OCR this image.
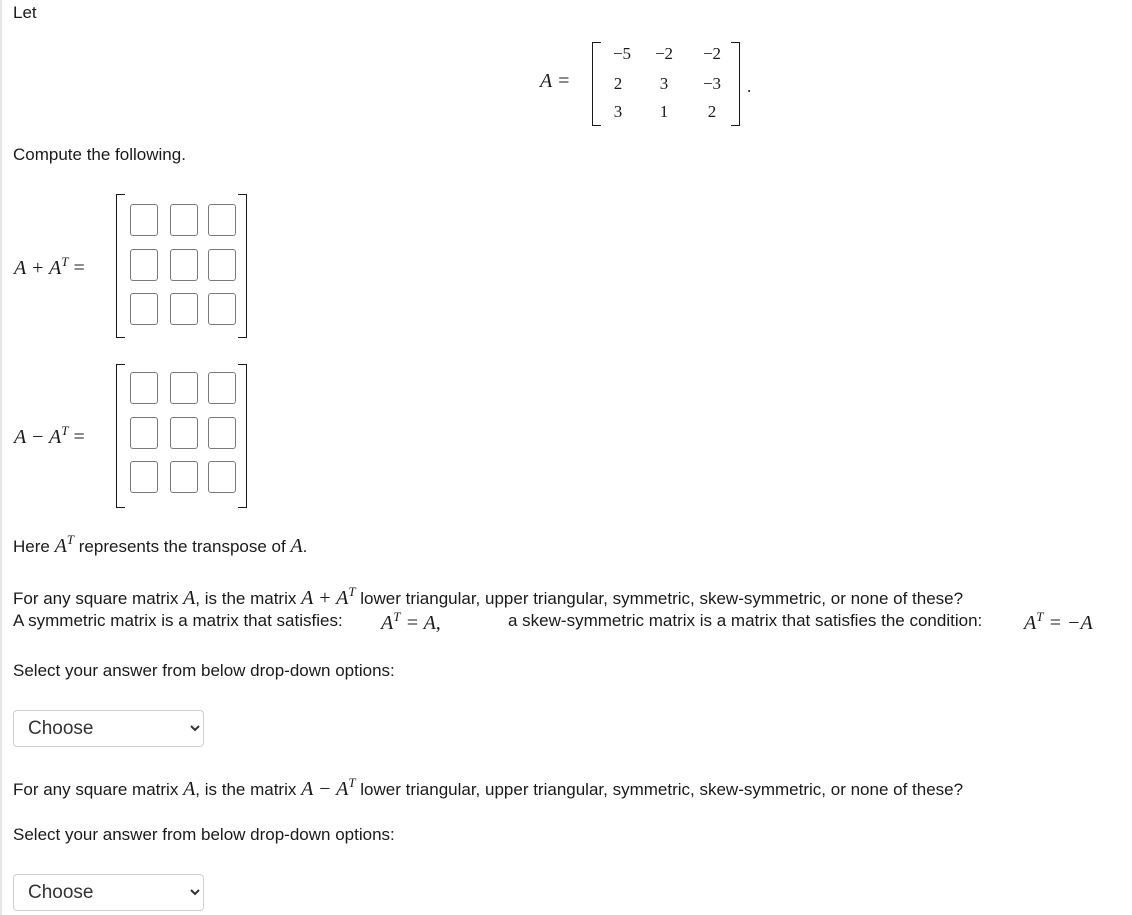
Let
A =
−5	−2	−2
2	3	−3
3	1	2
.
Compute the following.
$A + A^T$ =
$A - A^T$ =
Here $A^T$ represents the transpose of A.
For any square matrix A, is the matrix $A + A^T$ lower triangular, upper triangular, symmetric, skew-symmetric, or none of these?
A symmetric matrix is a matrix that satisfies: $A^T = A$,	a skew-symmetric matrix is a matrix that satisfies the condition: $A^T = -A$
Select your answer from below drop-down options:
Choose
For any square matrix A, is the matrix $A - A^T$ lower triangular, upper triangular, symmetric, skew-symmetric, or none of these?
Select your answer from below drop-down options:
Choose
